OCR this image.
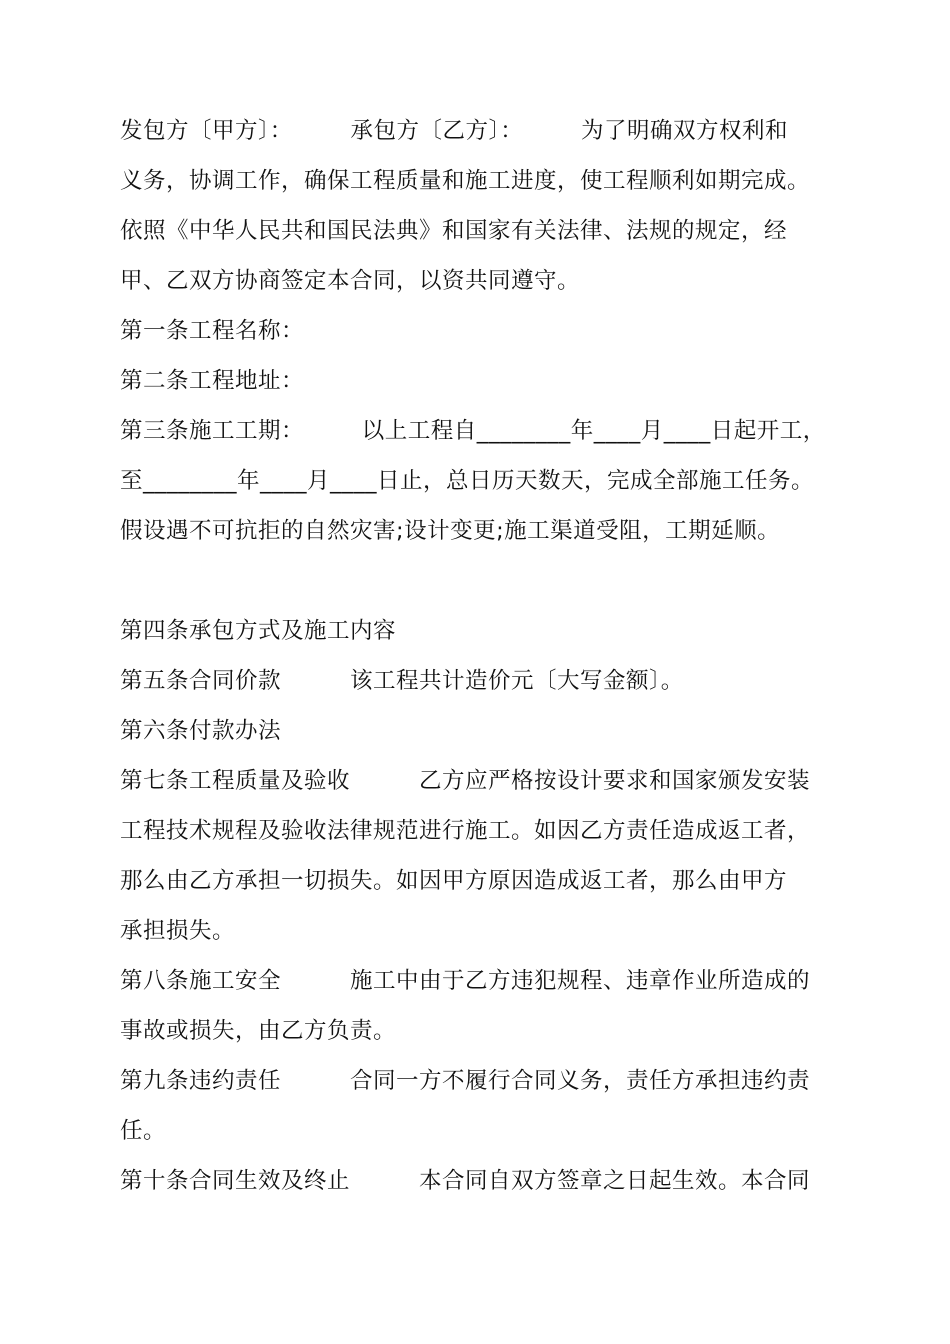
发包方〔甲方〕：　　　承包方〔乙方〕：　　　为了明确双方权利和
义务，协调工作，确保工程质量和施工进度，使工程顺利如期完成。
依照《中华人民共和国民法典》和国家有关法律、法规的规定，经
甲、乙双方协商签定本合同，以资共同遵守。
第一条工程名称：
第二条工程地址：
第三条施工工期：　　　以上工程自________年____月____日起开工，
至________年____月____日止，总日历天数天，完成全部施工任务。
假设遇不可抗拒的自然灾害;设计变更;施工渠道受阻，工期延顺。
第四条承包方式及施工内容
第五条合同价款　　　该工程共计造价元〔大写金额〕。
第六条付款办法
第七条工程质量及验收　　　乙方应严格按设计要求和国家颁发安装
工程技术规程及验收法律规范进行施工。如因乙方责任造成返工者，
那么由乙方承担一切损失。如因甲方原因造成返工者，那么由甲方
承担损失。
第八条施工安全　　　施工中由于乙方违犯规程、违章作业所造成的
事故或损失，由乙方负责。
第九条违约责任　　　合同一方不履行合同义务，责任方承担违约责
任。
第十条合同生效及终止　　　本合同自双方签章之日起生效。本合同
